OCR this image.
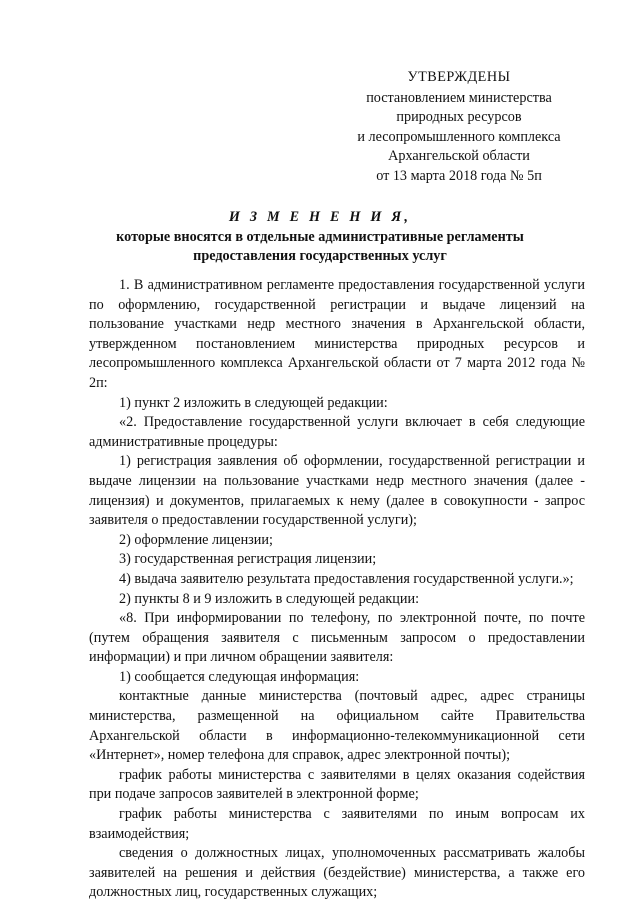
УТВЕРЖДЕНЫ
постановлением министерства
природных ресурсов
и лесопромышленного комплекса
Архангельской области
от 13 марта 2018 года № 5п
И З М Е Н Е Н И Я,
которые вносятся в отдельные административные регламенты
предоставления государственных услуг

1. В административном регламенте предоставления государственной услуги по оформлению, государственной регистрации и выдаче лицензий на пользование участками недр местного значения в Архангельской области, утвержденном постановлением министерства природных ресурсов и лесопромышленного комплекса Архангельской области от 7 марта 2012 года № 2п:

1) пункт 2 изложить в следующей редакции:

«2. Предоставление государственной услуги включает в себя следующие административные процедуры:

1) регистрация заявления об оформлении, государственной регистрации и выдаче лицензии на пользование участками недр местного значения (далее - лицензия) и документов, прилагаемых к нему (далее в совокупности - запрос заявителя о предоставлении государственной услуги);

2) оформление лицензии;

3) государственная регистрация лицензии;

4) выдача заявителю результата предоставления государственной услуги.»;

2) пункты 8 и 9 изложить в следующей редакции:

«8. При информировании по телефону, по электронной почте, по почте (путем обращения заявителя с письменным запросом о предоставлении информации) и при личном обращении заявителя:

1) сообщается следующая информация:

контактные данные министерства (почтовый адрес, адрес страницы министерства, размещенной на официальном сайте Правительства Архангельской области в информационно-телекоммуникационной сети «Интернет», номер телефона для справок, адрес электронной почты);

график работы министерства с заявителями в целях оказания содействия при подаче запросов заявителей в электронной форме;

график работы министерства с заявителями по иным вопросам их взаимодействия;

сведения о должностных лицах, уполномоченных рассматривать жалобы заявителей на решения и действия (бездействие) министерства, а также его должностных лиц, государственных служащих;
